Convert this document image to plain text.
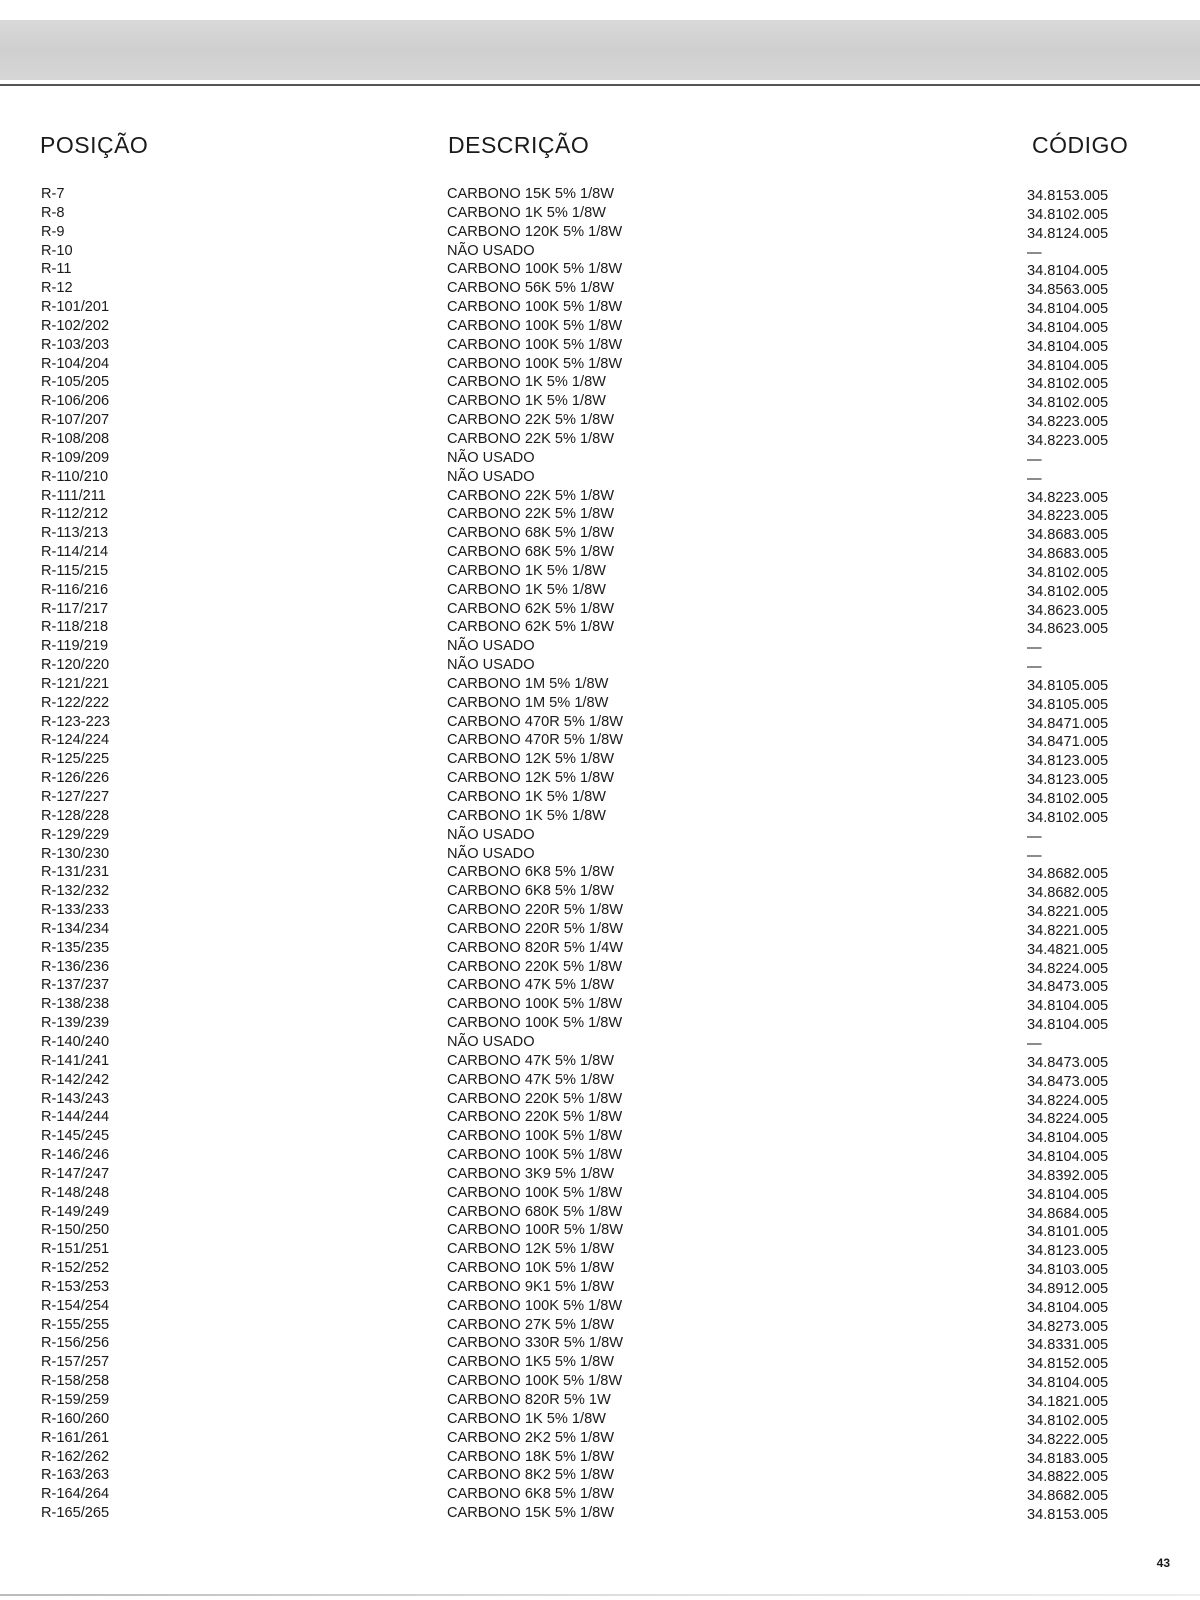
POSIÇÃO	DESCRIÇÃO	CÓDIGO
R-7	CARBONO 15K 5% 1/8W	34.8153.005
R-8	CARBONO 1K 5% 1/8W	34.8102.005
R-9	CARBONO 120K 5% 1/8W	34.8124.005
R-10	NÃO USADO	—
R-11	CARBONO 100K 5% 1/8W	34.8104.005
R-12	CARBONO 56K 5% 1/8W	34.8563.005
R-101/201	CARBONO 100K 5% 1/8W	34.8104.005
R-102/202	CARBONO 100K 5% 1/8W	34.8104.005
R-103/203	CARBONO 100K 5% 1/8W	34.8104.005
R-104/204	CARBONO 100K 5% 1/8W	34.8104.005
R-105/205	CARBONO 1K 5% 1/8W	34.8102.005
R-106/206	CARBONO 1K 5% 1/8W	34.8102.005
R-107/207	CARBONO 22K 5% 1/8W	34.8223.005
R-108/208	CARBONO 22K 5% 1/8W	34.8223.005
R-109/209	NÃO USADO	—
R-110/210	NÃO USADO	—
R-111/211	CARBONO 22K 5% 1/8W	34.8223.005
R-112/212	CARBONO 22K 5% 1/8W	34.8223.005
R-113/213	CARBONO 68K 5% 1/8W	34.8683.005
R-114/214	CARBONO 68K 5% 1/8W	34.8683.005
R-115/215	CARBONO 1K 5% 1/8W	34.8102.005
R-116/216	CARBONO 1K 5% 1/8W	34.8102.005
R-117/217	CARBONO 62K 5% 1/8W	34.8623.005
R-118/218	CARBONO 62K 5% 1/8W	34.8623.005
R-119/219	NÃO USADO	—
R-120/220	NÃO USADO	—
R-121/221	CARBONO 1M 5% 1/8W	34.8105.005
R-122/222	CARBONO 1M 5% 1/8W	34.8105.005
R-123-223	CARBONO 470R 5% 1/8W	34.8471.005
R-124/224	CARBONO 470R 5% 1/8W	34.8471.005
R-125/225	CARBONO 12K 5% 1/8W	34.8123.005
R-126/226	CARBONO 12K 5% 1/8W	34.8123.005
R-127/227	CARBONO 1K 5% 1/8W	34.8102.005
R-128/228	CARBONO 1K 5% 1/8W	34.8102.005
R-129/229	NÃO USADO	—
R-130/230	NÃO USADO	—
R-131/231	CARBONO 6K8 5% 1/8W	34.8682.005
R-132/232	CARBONO 6K8 5% 1/8W	34.8682.005
R-133/233	CARBONO 220R 5% 1/8W	34.8221.005
R-134/234	CARBONO 220R 5% 1/8W	34.8221.005
R-135/235	CARBONO 820R 5% 1/4W	34.4821.005
R-136/236	CARBONO 220K 5% 1/8W	34.8224.005
R-137/237	CARBONO 47K 5% 1/8W	34.8473.005
R-138/238	CARBONO 100K 5% 1/8W	34.8104.005
R-139/239	CARBONO 100K 5% 1/8W	34.8104.005
R-140/240	NÃO USADO	—
R-141/241	CARBONO 47K 5% 1/8W	34.8473.005
R-142/242	CARBONO 47K 5% 1/8W	34.8473.005
R-143/243	CARBONO 220K 5% 1/8W	34.8224.005
R-144/244	CARBONO 220K 5% 1/8W	34.8224.005
R-145/245	CARBONO 100K 5% 1/8W	34.8104.005
R-146/246	CARBONO 100K 5% 1/8W	34.8104.005
R-147/247	CARBONO 3K9 5% 1/8W	34.8392.005
R-148/248	CARBONO 100K 5% 1/8W	34.8104.005
R-149/249	CARBONO 680K 5% 1/8W	34.8684.005
R-150/250	CARBONO 100R 5% 1/8W	34.8101.005
R-151/251	CARBONO 12K 5% 1/8W	34.8123.005
R-152/252	CARBONO 10K 5% 1/8W	34.8103.005
R-153/253	CARBONO 9K1 5% 1/8W	34.8912.005
R-154/254	CARBONO 100K 5% 1/8W	34.8104.005
R-155/255	CARBONO 27K 5% 1/8W	34.8273.005
R-156/256	CARBONO 330R 5% 1/8W	34.8331.005
R-157/257	CARBONO 1K5 5% 1/8W	34.8152.005
R-158/258	CARBONO 100K 5% 1/8W	34.8104.005
R-159/259	CARBONO 820R 5% 1W	34.1821.005
R-160/260	CARBONO 1K 5% 1/8W	34.8102.005
R-161/261	CARBONO 2K2 5% 1/8W	34.8222.005
R-162/262	CARBONO 18K 5% 1/8W	34.8183.005
R-163/263	CARBONO 8K2 5% 1/8W	34.8822.005
R-164/264	CARBONO 6K8 5% 1/8W	34.8682.005
R-165/265	CARBONO 15K 5% 1/8W	34.8153.005
43
